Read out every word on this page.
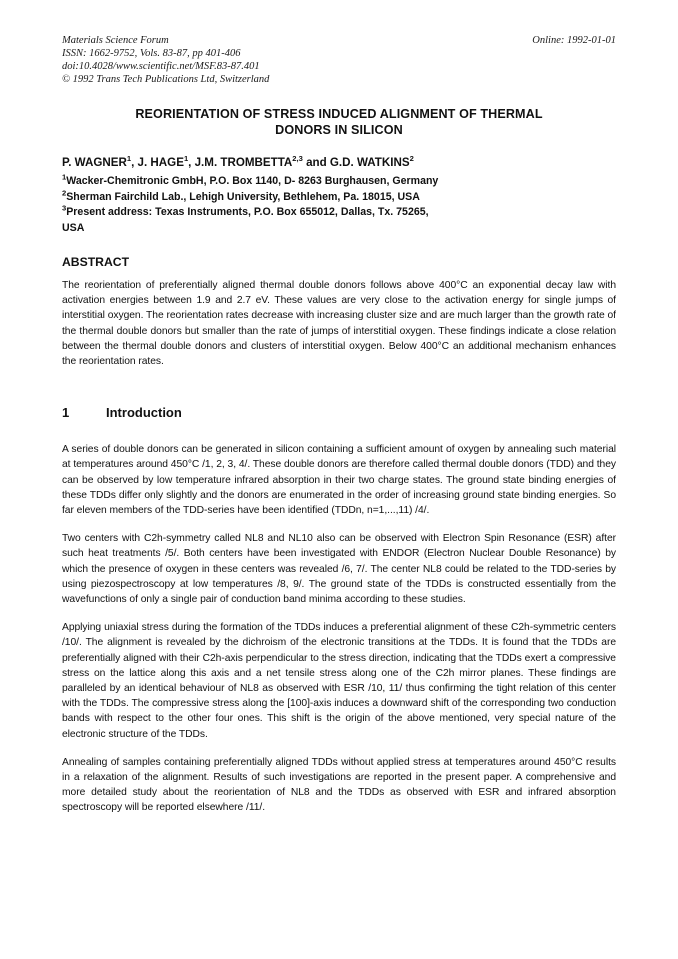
Materials Science Forum
ISSN: 1662-9752, Vols. 83-87, pp 401-406
doi:10.4028/www.scientific.net/MSF.83-87.401
© 1992 Trans Tech Publications Ltd, Switzerland
Online: 1992-01-01
REORIENTATION OF STRESS INDUCED ALIGNMENT OF THERMAL
DONORS IN SILICON
P. WAGNER$^1$, J. HAGE$^1$, J.M. TROMBETTA$^{2,3}$ and G.D. WATKINS$^2$
$^1$Wacker-Chemitronic GmbH, P.O. Box 1140, D- 8263 Burghausen, Germany
$^2$Sherman Fairchild Lab., Lehigh University, Bethlehem, Pa. 18015, USA
$^3$Present address: Texas Instruments, P.O. Box 655012, Dallas, Tx. 75265,
USA
ABSTRACT
The reorientation of preferentially aligned thermal double donors follows above 400°C an exponential decay law with activation energies between 1.9 and 2.7 eV. These values are very close to the activation energy for single jumps of interstitial oxygen. The reorientation rates decrease with increasing cluster size and are much larger than the growth rate of the thermal double donors but smaller than the rate of jumps of interstitial oxygen. These findings indicate a close relation between the thermal double donors and clusters of interstitial oxygen. Below 400°C an additional mechanism enhances the reorientation rates.
1	Introduction
A series of double donors can be generated in silicon containing a sufficient amount of oxygen by annealing such material at temperatures around 450°C /1, 2, 3, 4/. These double donors are therefore called thermal double donors (TDD) and they can be observed by low temperature infrared absorption in their two charge states. The ground state binding energies of these TDDs differ only slightly and the donors are enumerated in the order of increasing ground state binding energies. So far eleven members of the TDD-series have been identified (TDDn, n=1,...,11) /4/.
Two centers with C2h-symmetry called NL8 and NL10 also can be observed with Electron Spin Resonance (ESR) after such heat treatments /5/. Both centers have been investigated with ENDOR (Electron Nuclear Double Resonance) by which the presence of oxygen in these centers was revealed /6, 7/. The center NL8 could be related to the TDD-series by using piezospectroscopy at low temperatures /8, 9/. The ground state of the TDDs is constructed essentially from the wavefunctions of only a single pair of conduction band minima according to these studies.
Applying uniaxial stress during the formation of the TDDs induces a preferential alignment of these C2h-symmetric centers /10/. The alignment is revealed by the dichroism of the electronic transitions at the TDDs. It is found that the TDDs are preferentially aligned with their C2h-axis perpendicular to the stress direction, indicating that the TDDs exert a compressive stress on the lattice along this axis and a net tensile stress along one of the C2h mirror planes. These findings are paralleled by an identical behaviour of NL8 as observed with ESR /10, 11/ thus confirming the tight relation of this center with the TDDs. The compressive stress along the [100]-axis induces a downward shift of the corresponding two conduction bands with respect to the other four ones. This shift is the origin of the above mentioned, very special nature of the electronic structure of the TDDs.
Annealing of samples containing preferentially aligned TDDs without applied stress at temperatures around 450°C results in a relaxation of the alignment. Results of such investigations are reported in the present paper. A comprehensive and more detailed study about the reorientation of NL8 and the TDDs as observed with ESR and infrared absorption spectroscopy will be reported elsewhere /11/.
